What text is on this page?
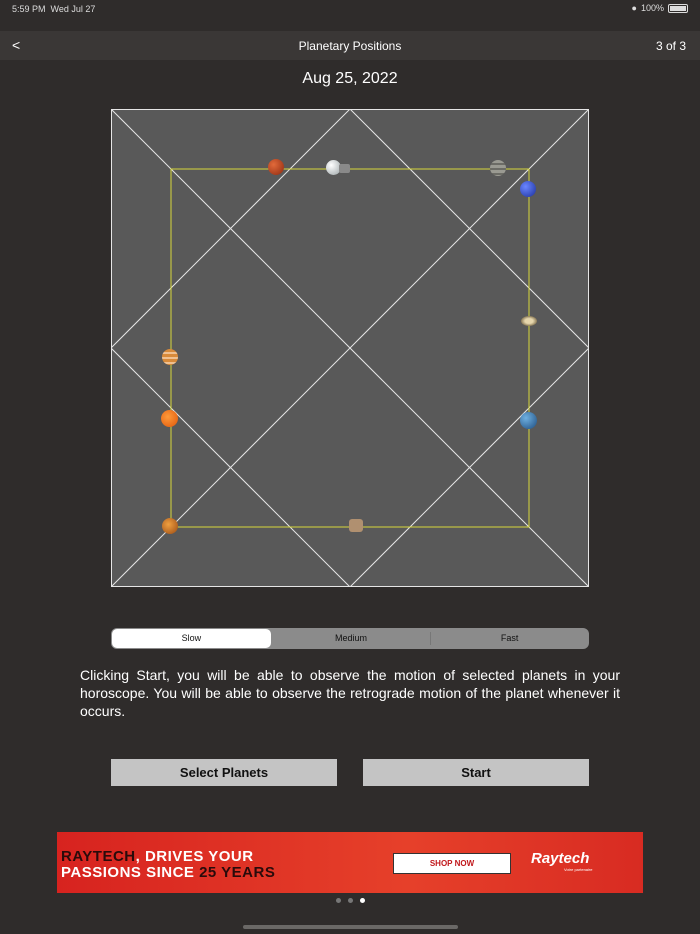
5:59 PM Wed Jul 27	● 100%
<	Planetary Positions	3 of 3
Aug 25, 2022
Slow	Medium	Fast
Clicking Start, you will be able to observe the motion of selected planets in your horoscope. You will be able to observe the retrograde motion of the planet whenever it occurs.
Select Planets	Start
RAYTECH, DRIVES YOUR
PASSIONS SINCE 25 YEARS
SHOP NOW	Raytech
Votre partenaire
